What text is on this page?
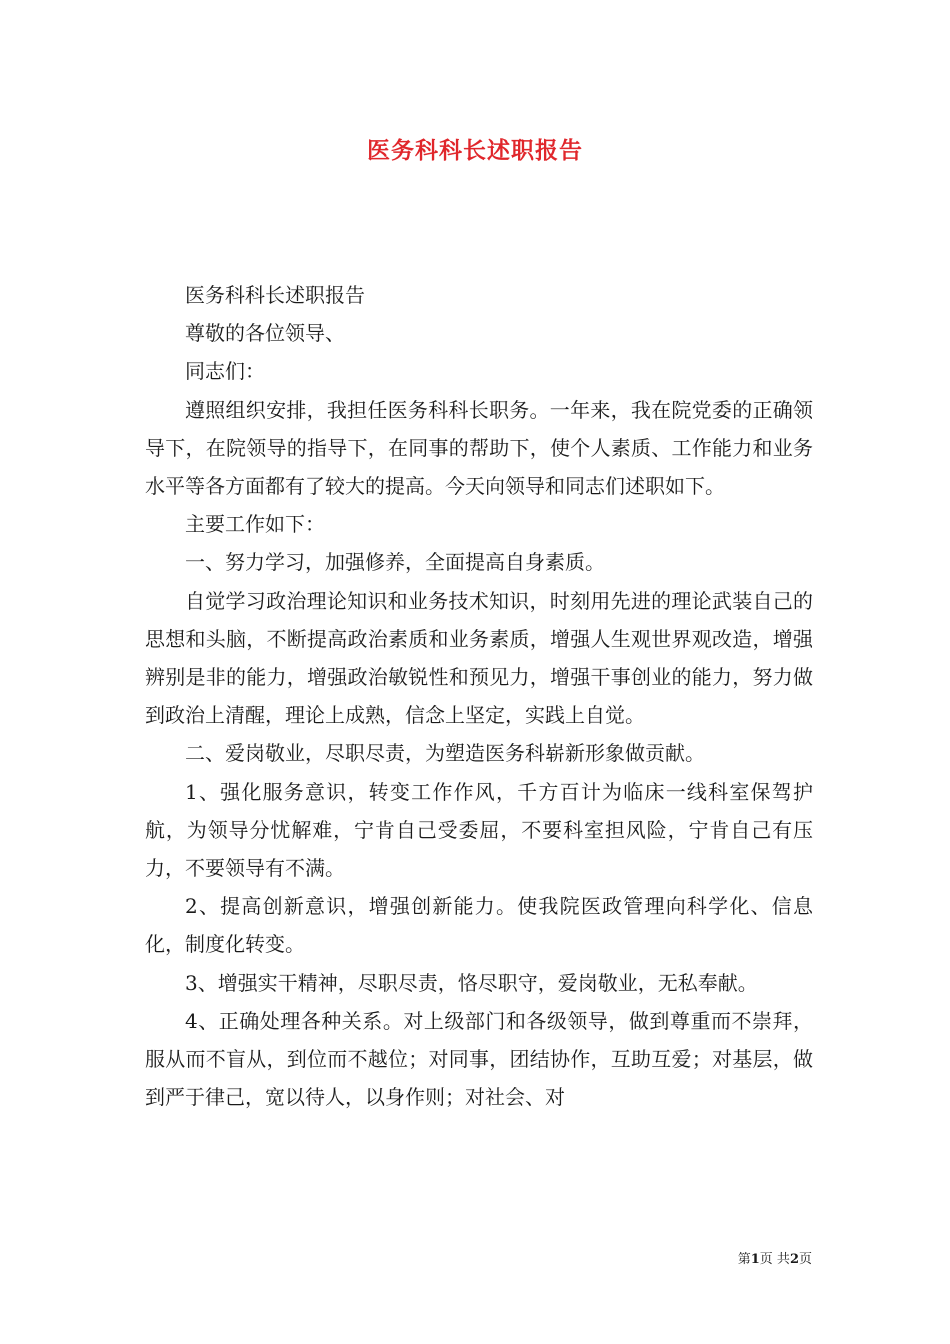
医务科科长述职报告

医务科科长述职报告

尊敬的各位领导、

同志们：

遵照组织安排，我担任医务科科长职务。一年来，我在院党委的正确领导下，在院领导的指导下，在同事的帮助下，使个人素质、工作能力和业务水平等各方面都有了较大的提高。今天向领导和同志们述职如下。

主要工作如下：

一、努力学习，加强修养，全面提高自身素质。

自觉学习政治理论知识和业务技术知识，时刻用先进的理论武装自己的思想和头脑，不断提高政治素质和业务素质，增强人生观世界观改造，增强辨别是非的能力，增强政治敏锐性和预见力，增强干事创业的能力，努力做到政治上清醒，理论上成熟，信念上坚定，实践上自觉。

二、爱岗敬业，尽职尽责，为塑造医务科崭新形象做贡献。

1、强化服务意识，转变工作作风，千方百计为临床一线科室保驾护航，为领导分忧解难，宁肯自己受委屈，不要科室担风险，宁肯自己有压力，不要领导有不满。

2、提高创新意识，增强创新能力。使我院医政管理向科学化、信息化，制度化转变。

3、增强实干精神，尽职尽责，恪尽职守，爱岗敬业，无私奉献。

4、正确处理各种关系。对上级部门和各级领导，做到尊重而不崇拜，服从而不盲从，到位而不越位；对同事，团结协作，互助互爱；对基层，做到严于律己，宽以待人，以身作则；对社会、对

第1页 共2页
